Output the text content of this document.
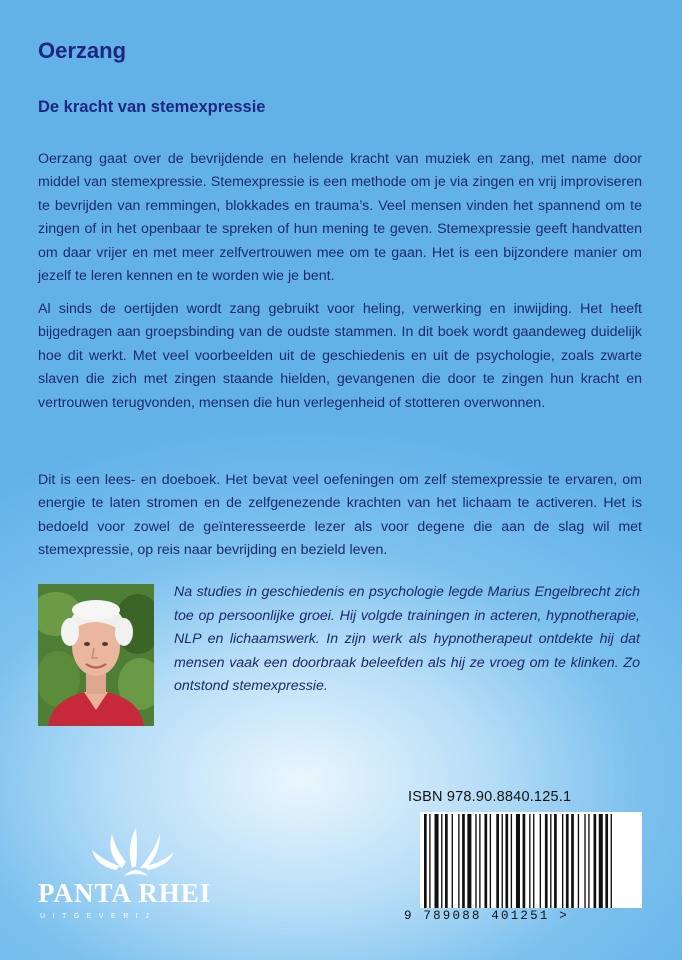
Oerzang
De kracht van stemexpressie

Oerzang gaat over de bevrijdende en helende kracht van muziek en zang, met name door middel van stemexpressie. Stemexpressie is een methode om je via zingen en vrij improviseren te bevrijden van remmingen, blokkades en trauma’s. Veel mensen vinden het spannend om te zingen of in het openbaar te spreken of hun mening te geven. Stemexpressie geeft handvatten om daar vrijer en met meer zelfvertrouwen mee om te gaan. Het is een bijzondere manier om jezelf te leren kennen en te worden wie je bent.

Al sinds de oertijden wordt zang gebruikt voor heling, verwerking en inwijding. Het heeft bijgedragen aan groepsbinding van de oudste stammen. In dit boek wordt gaandeweg duidelijk hoe dit werkt. Met veel voorbeelden uit de geschiedenis en uit de psychologie, zoals zwarte slaven die zich met zingen staande hielden, gevangenen die door te zingen hun kracht en vertrouwen terugvonden, mensen die hun verlegenheid of stotteren overwonnen.

Dit is een lees- en doeboek. Het bevat veel oefeningen om zelf stemexpressie te ervaren, om energie te laten stromen en de zelfgenezende krachten van het lichaam te activeren. Het is bedoeld voor zowel de geïnteresseerde lezer als voor degene die aan de slag wil met stemexpressie, op reis naar bevrijding en bezield leven.

Na studies in geschiedenis en psychologie legde Marius Engelbrecht zich toe op persoonlijke groei. Hij volgde trainingen in acteren, hypnotherapie, NLP en lichaamswerk. In zijn werk als hypnotherapeut ontdekte hij dat mensen vaak een doorbraak beleefden als hij ze vroeg om te klinken. Zo ontstond stemexpressie.

ISBN 978.90.8840.125.1
9 789088 401251 >
PANTA RHEI
UITGEVERIJ
